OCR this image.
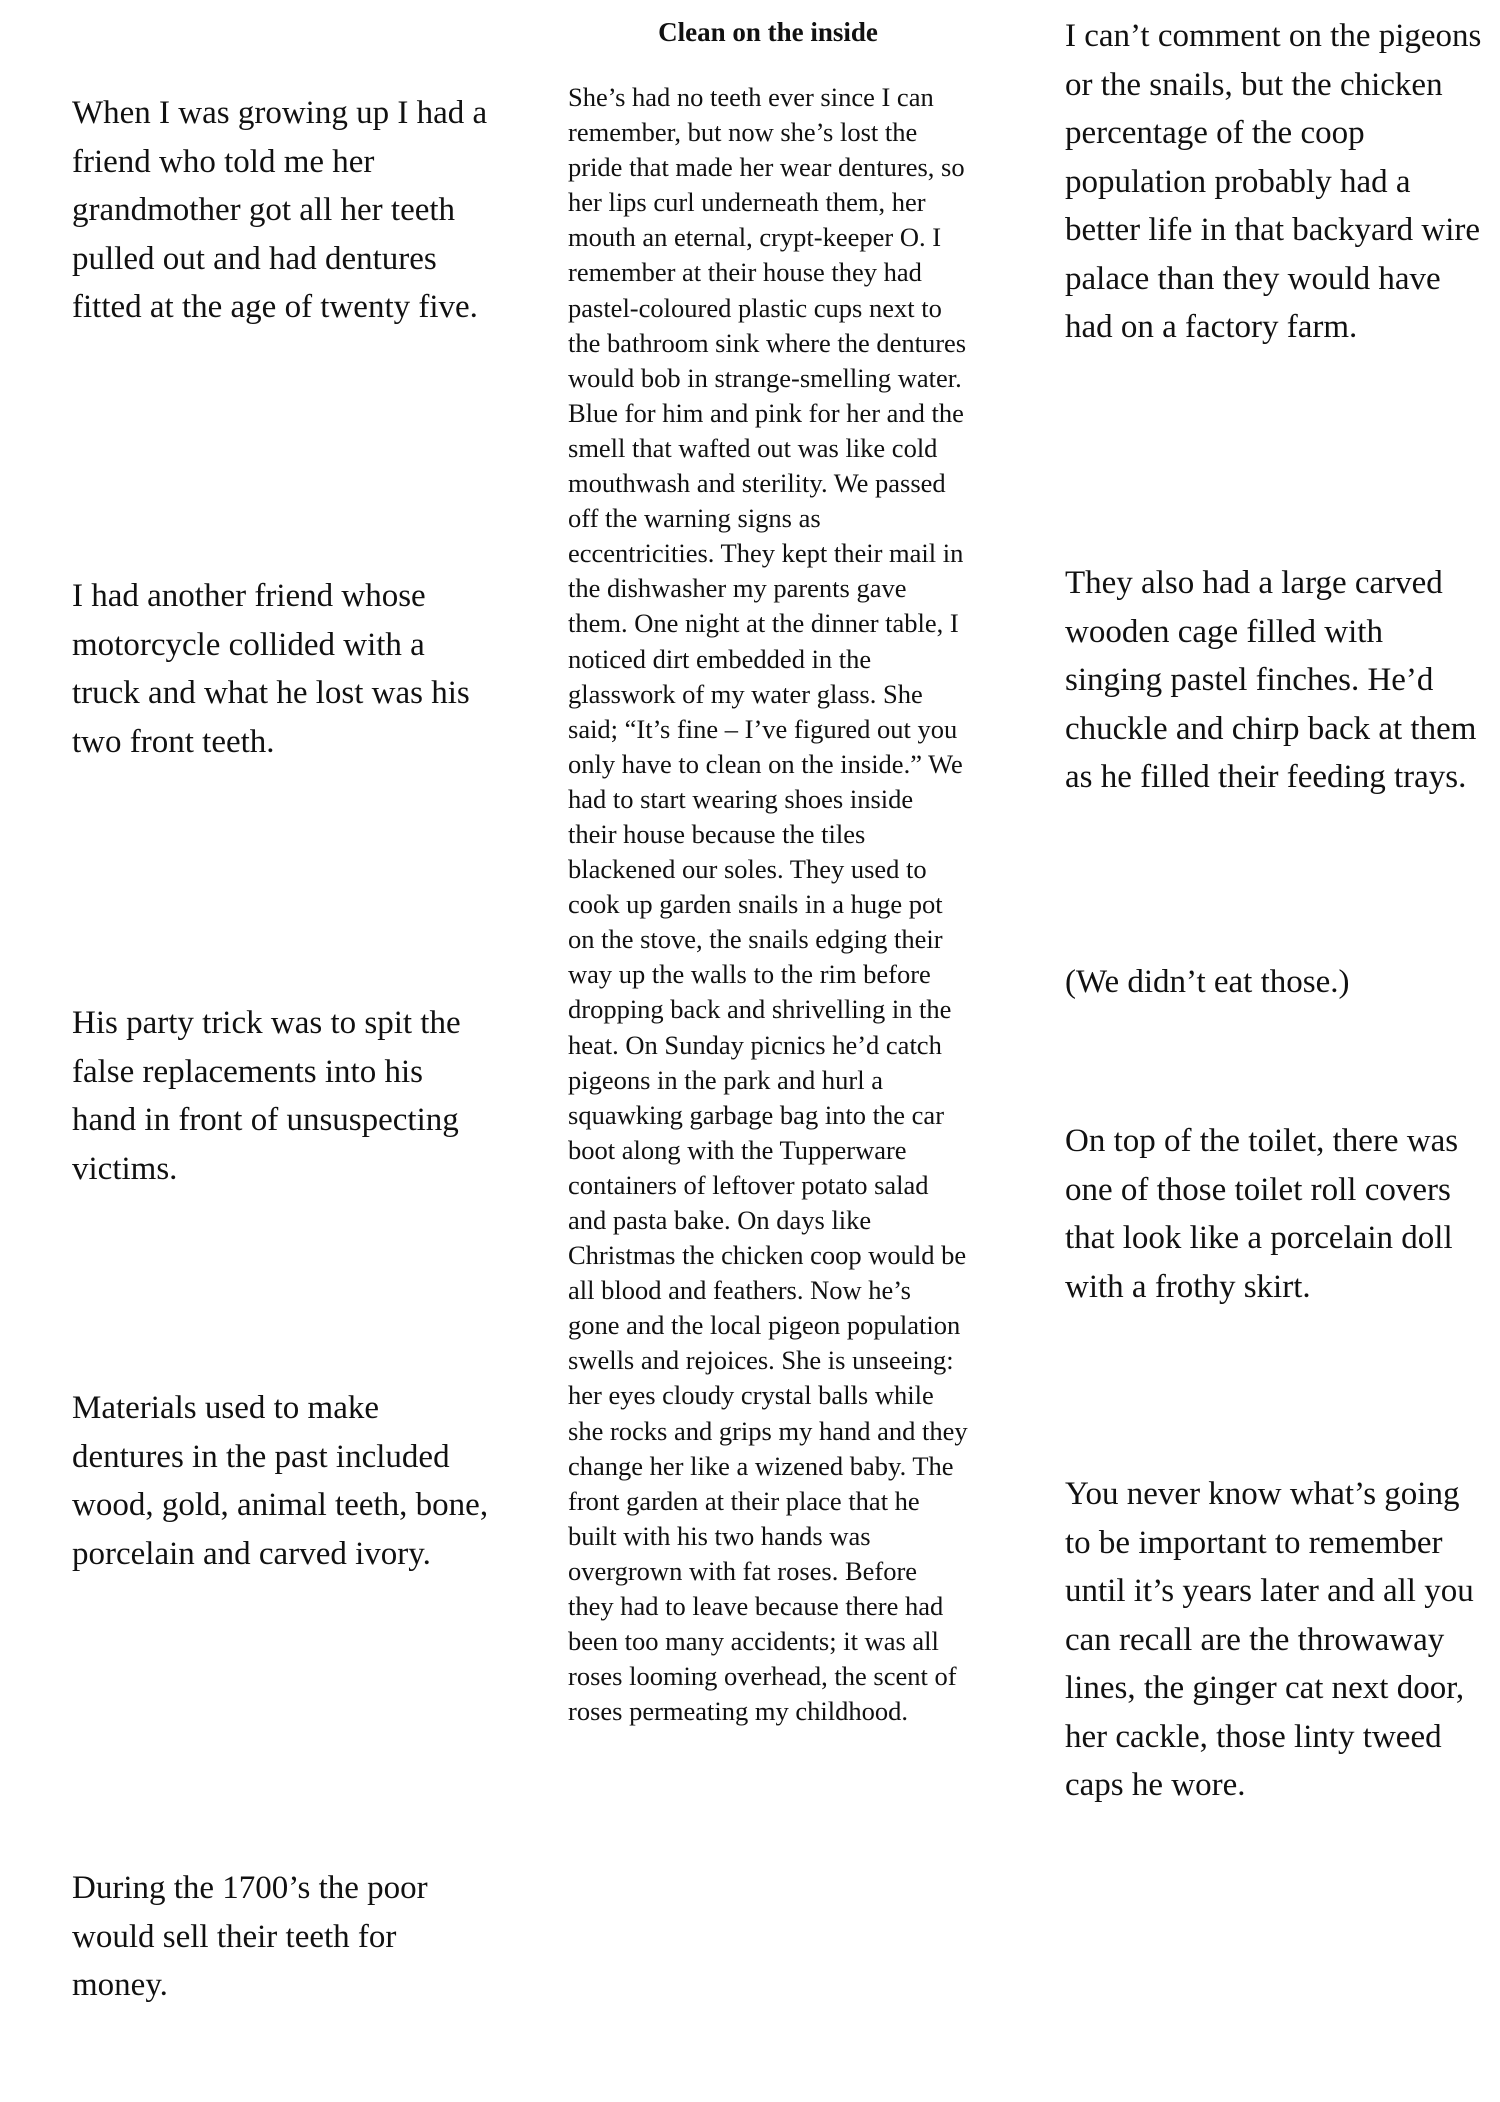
When I was growing up I had a friend who told me her grandmother got all her teeth pulled out and had dentures fitted at the age of twenty five.

I had another friend whose motorcycle collided with a truck and what he lost was his two front teeth.

His party trick was to spit the false replacements into his hand in front of unsuspecting victims.

Materials used to make dentures in the past included wood, gold, animal teeth, bone, porcelain and carved ivory.

During the 1700’s the poor would sell their teeth for money.

Clean on the inside

She’s had no teeth ever since I can remember, but now she’s lost the pride that made her wear dentures, so her lips curl underneath them, her mouth an eternal, crypt-keeper O. I remember at their house they had pastel-coloured plastic cups next to the bathroom sink where the dentures would bob in strange-smelling water. Blue for him and pink for her and the smell that wafted out was like cold mouthwash and sterility. We passed off the warning signs as eccentricities. They kept their mail in the dishwasher my parents gave them. One night at the dinner table, I noticed dirt embedded in the glasswork of my water glass. She said; “It’s fine – I’ve figured out you only have to clean on the inside.” We had to start wearing shoes inside their house because the tiles blackened our soles. They used to cook up garden snails in a huge pot on the stove, the snails edging their way up the walls to the rim before dropping back and shrivelling in the heat. On Sunday picnics he’d catch pigeons in the park and hurl a squawking garbage bag into the car boot along with the Tupperware containers of leftover potato salad and pasta bake. On days like Christmas the chicken coop would be all blood and feathers. Now he’s gone and the local pigeon population swells and rejoices. She is unseeing: her eyes cloudy crystal balls while she rocks and grips my hand and they change her like a wizened baby. The front garden at their place that he built with his two hands was overgrown with fat roses. Before they had to leave because there had been too many accidents; it was all roses looming overhead, the scent of roses permeating my childhood.

I can’t comment on the pigeons or the snails, but the chicken percentage of the coop population probably had a better life in that backyard wire palace than they would have had on a factory farm.

They also had a large carved wooden cage filled with singing pastel finches. He’d chuckle and chirp back at them as he filled their feeding trays.

(We didn’t eat those.)

On top of the toilet, there was one of those toilet roll covers that look like a porcelain doll with a frothy skirt.

You never know what’s going to be important to remember until it’s years later and all you can recall are the throwaway lines, the ginger cat next door, her cackle, those linty tweed caps he wore.
